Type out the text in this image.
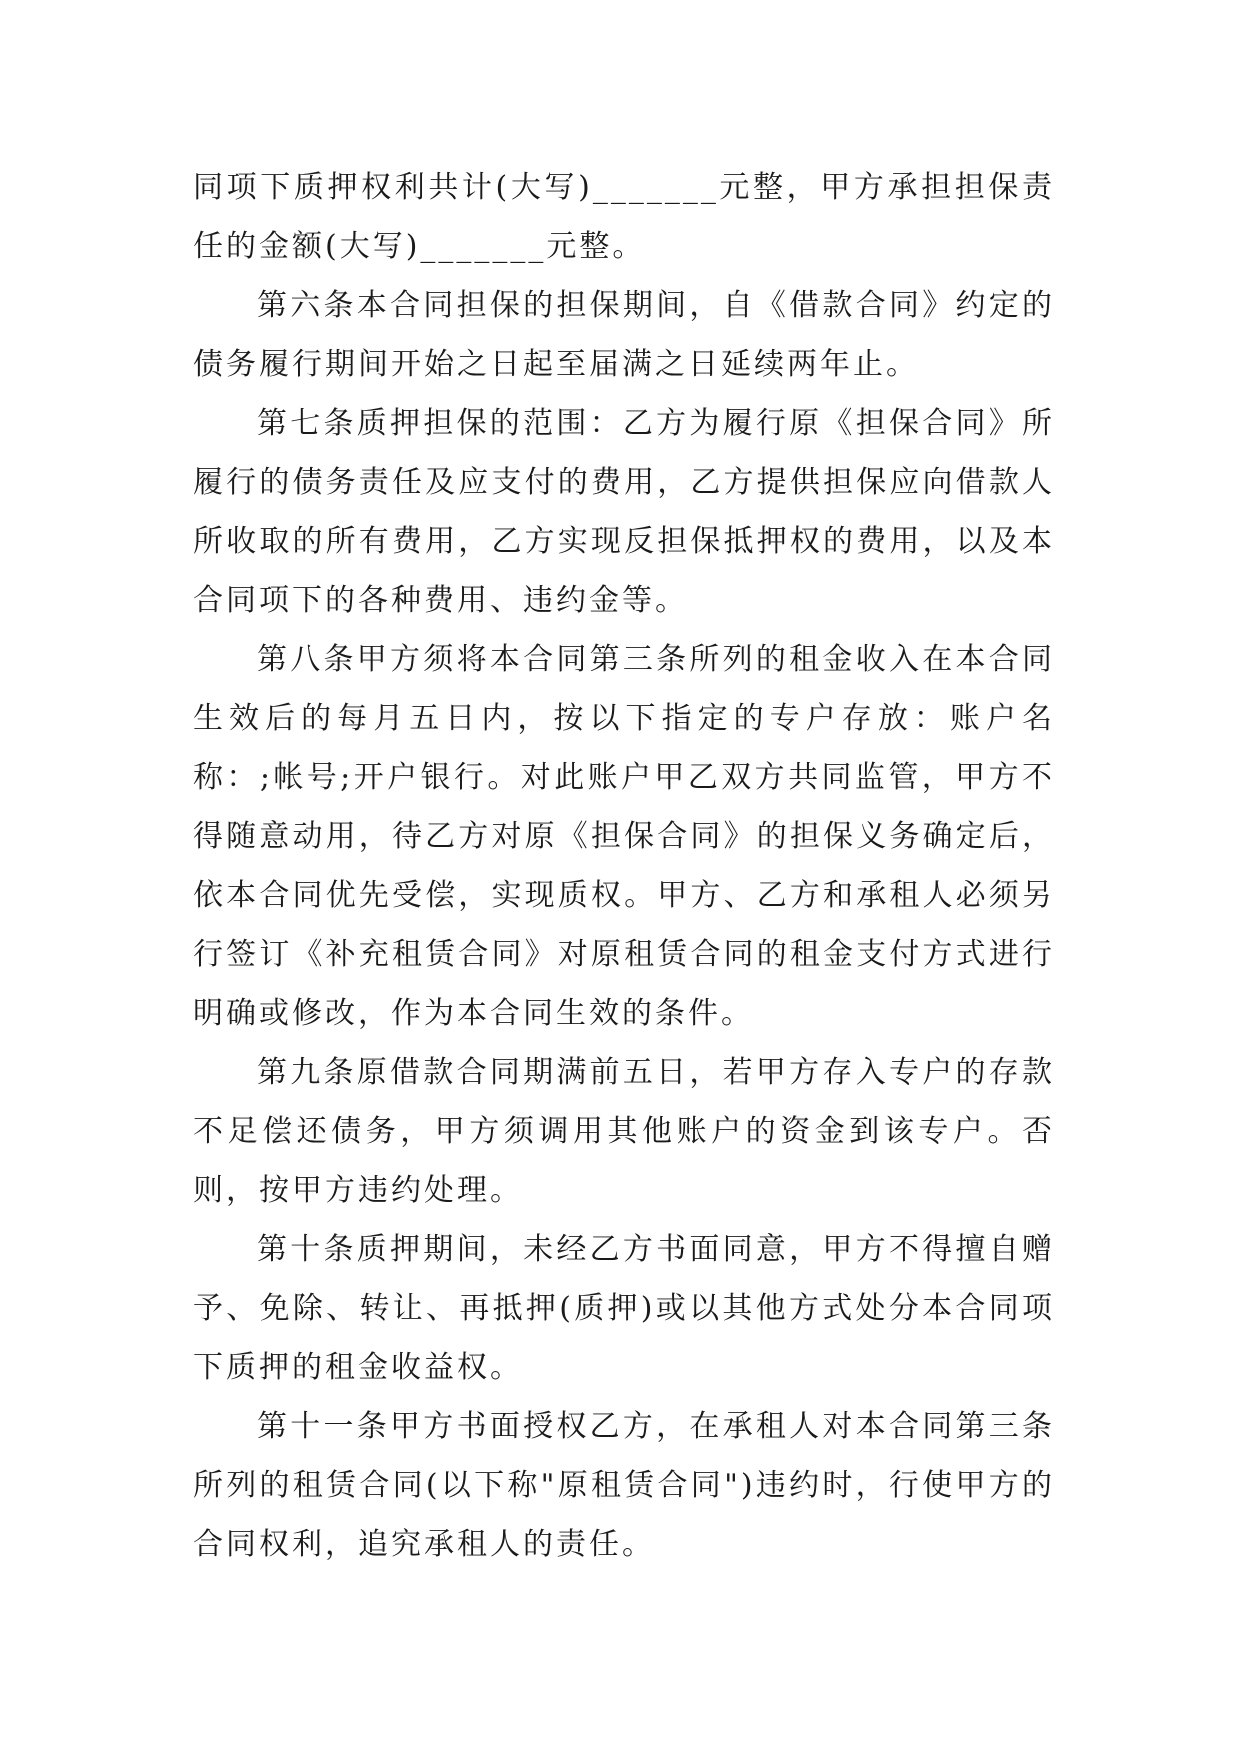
同项下质押权利共计(大写)_______元整，甲方承担担保责任的金额(大写)_______元整。

第六条本合同担保的担保期间，自《借款合同》约定的债务履行期间开始之日起至届满之日延续两年止。

第七条质押担保的范围：乙方为履行原《担保合同》所履行的债务责任及应支付的费用，乙方提供担保应向借款人所收取的所有费用，乙方实现反担保抵押权的费用，以及本合同项下的各种费用、违约金等。

第八条甲方须将本合同第三条所列的租金收入在本合同生效后的每月五日内，按以下指定的专户存放：账户名称：;帐号;开户银行。对此账户甲乙双方共同监管，甲方不得随意动用，待乙方对原《担保合同》的担保义务确定后，依本合同优先受偿，实现质权。甲方、乙方和承租人必须另行签订《补充租赁合同》对原租赁合同的租金支付方式进行明确或修改，作为本合同生效的条件。

第九条原借款合同期满前五日，若甲方存入专户的存款不足偿还债务，甲方须调用其他账户的资金到该专户。否则，按甲方违约处理。

第十条质押期间，未经乙方书面同意，甲方不得擅自赠予、免除、转让、再抵押(质押)或以其他方式处分本合同项下质押的租金收益权。

第十一条甲方书面授权乙方，在承租人对本合同第三条所列的租赁合同(以下称"原租赁合同")违约时，行使甲方的合同权利，追究承租人的责任。
